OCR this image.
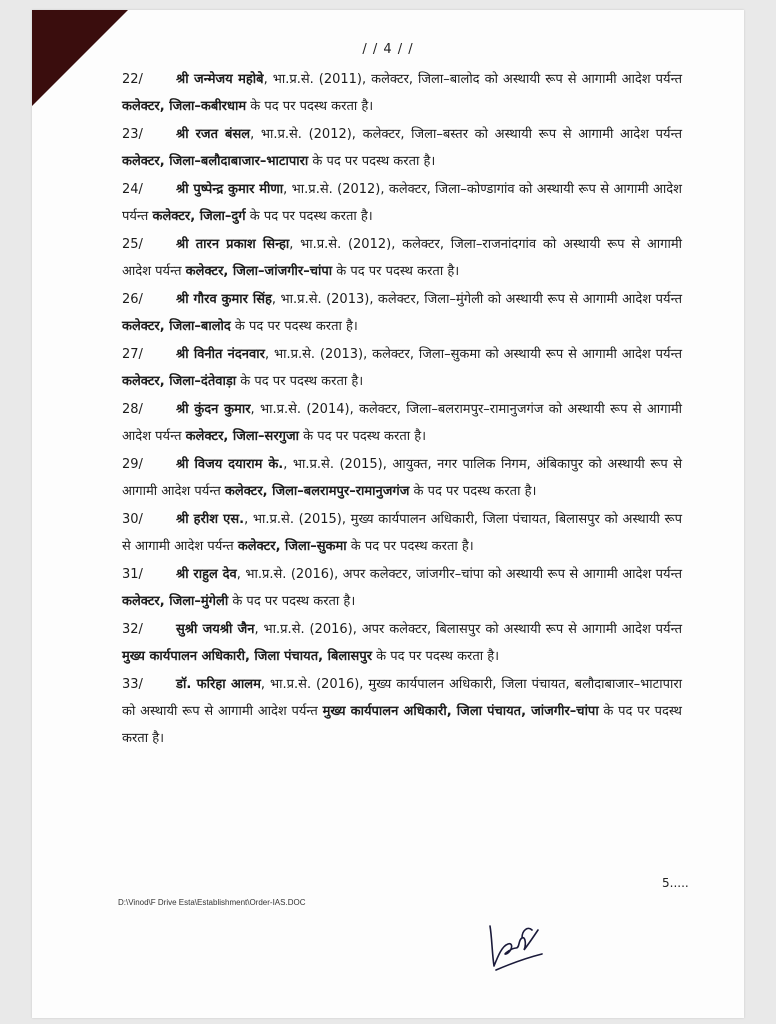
/ / 4 / /
22/	श्री जन्मेजय महोबे, भा.प्र.से. (2011), कलेक्टर, जिला–बालोद को अस्थायी रूप से आगामी आदेश पर्यन्त कलेक्टर, जिला–कबीरधाम के पद पर पदस्थ करता है।
23/	श्री रजत बंसल, भा.प्र.से. (2012), कलेक्टर, जिला–बस्तर को अस्थायी रूप से आगामी आदेश पर्यन्त कलेक्टर, जिला–बलौदाबाजार–भाटापारा के पद पर पदस्थ करता है।
24/	श्री पुष्पेन्द्र कुमार मीणा, भा.प्र.से. (2012), कलेक्टर, जिला–कोण्डागांव को अस्थायी रूप से आगामी आदेश पर्यन्त कलेक्टर, जिला–दुर्ग के पद पर पदस्थ करता है।
25/	श्री तारन प्रकाश सिन्हा, भा.प्र.से. (2012), कलेक्टर, जिला–राजनांदगांव को अस्थायी रूप से आगामी आदेश पर्यन्त कलेक्टर, जिला–जांजगीर–चांपा के पद पर पदस्थ करता है।
26/	श्री गौरव कुमार सिंह, भा.प्र.से. (2013), कलेक्टर, जिला–मुंगेली को अस्थायी रूप से आगामी आदेश पर्यन्त कलेक्टर, जिला–बालोद के पद पर पदस्थ करता है।
27/	श्री विनीत नंदनवार, भा.प्र.से. (2013), कलेक्टर, जिला–सुकमा को अस्थायी रूप से आगामी आदेश पर्यन्त कलेक्टर, जिला–दंतेवाड़ा के पद पर पदस्थ करता है।
28/	श्री कुंदन कुमार, भा.प्र.से. (2014), कलेक्टर, जिला–बलरामपुर–रामानुजगंज को अस्थायी रूप से आगामी आदेश पर्यन्त कलेक्टर, जिला–सरगुजा के पद पर पदस्थ करता है।
29/	श्री विजय दयाराम के., भा.प्र.से. (2015), आयुक्त, नगर पालिक निगम, अंबिकापुर को अस्थायी रूप से आगामी आदेश पर्यन्त कलेक्टर, जिला–बलरामपुर–रामानुजगंज के पद पर पदस्थ करता है।
30/	श्री हरीश एस., भा.प्र.से. (2015), मुख्य कार्यपालन अधिकारी, जिला पंचायत, बिलासपुर को अस्थायी रूप से आगामी आदेश पर्यन्त कलेक्टर, जिला–सुकमा के पद पर पदस्थ करता है।
31/	श्री राहुल देव, भा.प्र.से. (2016), अपर कलेक्टर, जांजगीर–चांपा को अस्थायी रूप से आगामी आदेश पर्यन्त कलेक्टर, जिला–मुंगेली के पद पर पदस्थ करता है।
32/	सुश्री जयश्री जैन, भा.प्र.से. (2016), अपर कलेक्टर, बिलासपुर को अस्थायी रूप से आगामी आदेश पर्यन्त मुख्य कार्यपालन अधिकारी, जिला पंचायत, बिलासपुर के पद पर पदस्थ करता है।
33/	डॉ. फरिहा आलम, भा.प्र.से. (2016), मुख्य कार्यपालन अधिकारी, जिला पंचायत, बलौदाबाजार–भाटापारा को अस्थायी रूप से आगामी आदेश पर्यन्त मुख्य कार्यपालन अधिकारी, जिला पंचायत, जांजगीर–चांपा के पद पर पदस्थ करता है।
5.....
D:\Vinod\F Drive Esta\Establishment\Order-IAS.DOC
